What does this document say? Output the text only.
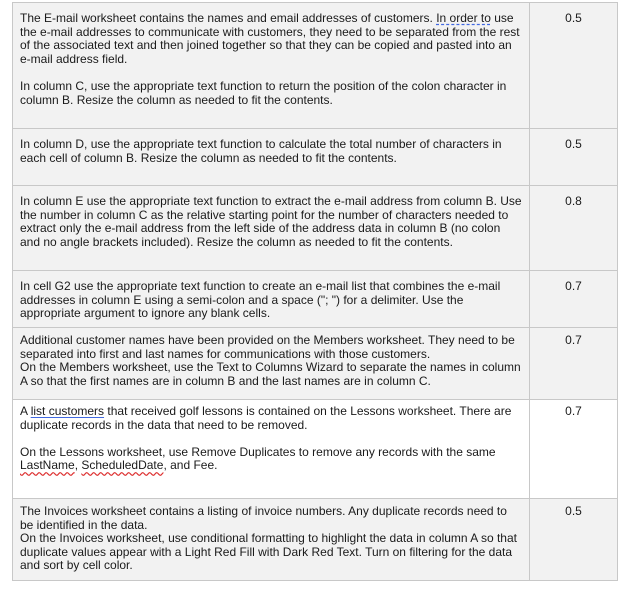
The E-mail worksheet contains the names and email addresses of customers. In order to use the e-mail addresses to communicate with customers, they need to be separated from the rest of the associated text and then joined together so that they can be copied and pasted into an e-mail address field.

In column C, use the appropriate text function to return the position of the colon character in column B. Resize the column as needed to fit the contents.

0.5

In column D, use the appropriate text function to calculate the total number of characters in each cell of column B. Resize the column as needed to fit the contents.

0.5

In column E use the appropriate text function to extract the e-mail address from column B. Use the number in column C as the relative starting point for the number of characters needed to extract only the e-mail address from the left side of the address data in column B (no colon and no angle brackets included). Resize the column as needed to fit the contents.

0.8

In cell G2 use the appropriate text function to create an e-mail list that combines the e-mail addresses in column E using a semi-colon and a space ("; ") for a delimiter. Use the appropriate argument to ignore any blank cells.

0.7

Additional customer names have been provided on the Members worksheet. They need to be separated into first and last names for communications with those customers.

On the Members worksheet, use the Text to Columns Wizard to separate the names in column A so that the first names are in column B and the last names are in column C.

0.7

A list customers that received golf lessons is contained on the Lessons worksheet. There are duplicate records in the data that need to be removed.

On the Lessons worksheet, use Remove Duplicates to remove any records with the same LastName, ScheduledDate, and Fee.

0.7

The Invoices worksheet contains a listing of invoice numbers. Any duplicate records need to be identified in the data.

On the Invoices worksheet, use conditional formatting to highlight the data in column A so that duplicate values appear with a Light Red Fill with Dark Red Text. Turn on filtering for the data and sort by cell color.

0.5
